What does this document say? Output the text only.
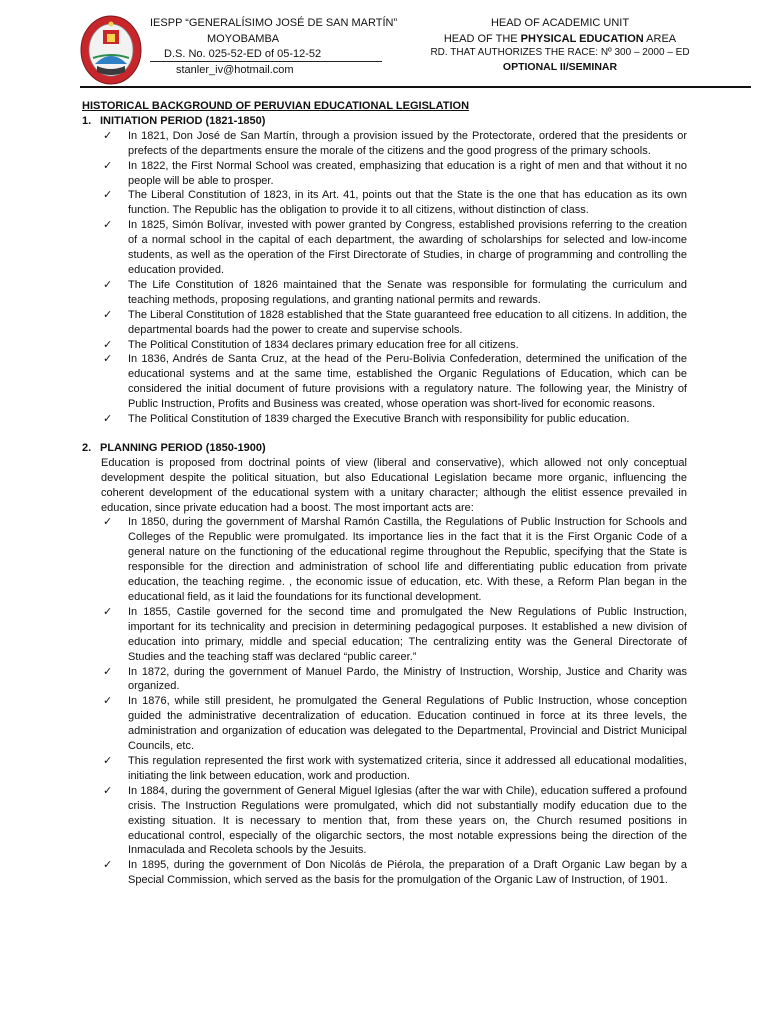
IESPP “GENERALÍSIMO JOSÉ DE SAN MARTÍN”
MOYOBAMBA
D.S. No. 025-52-ED of 05-12-52
stanler_iv@hotmail.com
HEAD OF ACADEMIC UNIT
HEAD OF THE PHYSICAL EDUCATION AREA
RD. THAT AUTHORIZES THE RACE: Nº 300 – 2000 – ED
OPTIONAL II/SEMINAR

HISTORICAL BACKGROUND OF PERUVIAN EDUCATIONAL LEGISLATION

1. INITIATION PERIOD (1821-1850)

✓ In 1821, Don José de San Martín, through a provision issued by the Protectorate, ordered that the presidents or prefects of the departments ensure the morale of the citizens and the good progress of the primary schools.
✓ In 1822, the First Normal School was created, emphasizing that education is a right of men and that without it no people will be able to prosper.
✓ The Liberal Constitution of 1823, in its Art. 41, points out that the State is the one that has education as its own function. The Republic has the obligation to provide it to all citizens, without distinction of class.
✓ In 1825, Simón Bolívar, invested with power granted by Congress, established provisions referring to the creation of a normal school in the capital of each department, the awarding of scholarships for selected and low-income students, as well as the operation of the First Directorate of Studies, in charge of programming and controlling the education provided.
✓ The Life Constitution of 1826 maintained that the Senate was responsible for formulating the curriculum and teaching methods, proposing regulations, and granting national permits and rewards.
✓ The Liberal Constitution of 1828 established that the State guaranteed free education to all citizens. In addition, the departmental boards had the power to create and supervise schools.
✓ The Political Constitution of 1834 declares primary education free for all citizens.
✓ In 1836, Andrés de Santa Cruz, at the head of the Peru-Bolivia Confederation, determined the unification of the educational systems and at the same time, established the Organic Regulations of Education, which can be considered the initial document of future provisions with a regulatory nature. The following year, the Ministry of Public Instruction, Profits and Business was created, whose operation was short-lived for economic reasons.
✓ The Political Constitution of 1839 charged the Executive Branch with responsibility for public education.

2. PLANNING PERIOD (1850-1900)

Education is proposed from doctrinal points of view (liberal and conservative), which allowed not only conceptual development despite the political situation, but also Educational Legislation became more organic, influencing the coherent development of the educational system with a unitary character; although the elitist essence prevailed in education, since private education had a boost. The most important acts are:

✓ In 1850, during the government of Marshal Ramón Castilla, the Regulations of Public Instruction for Schools and Colleges of the Republic were promulgated. Its importance lies in the fact that it is the First Organic Code of a general nature on the functioning of the educational regime throughout the Republic, specifying that the State is responsible for the direction and administration of school life and differentiating public education from private education, the teaching regime. , the economic issue of education, etc. With these, a Reform Plan began in the educational field, as it laid the foundations for its functional development.
✓ In 1855, Castile governed for the second time and promulgated the New Regulations of Public Instruction, important for its technicality and precision in determining pedagogical purposes. It established a new division of education into primary, middle and special education; The centralizing entity was the General Directorate of Studies and the teaching staff was declared “public career.”
✓ In 1872, during the government of Manuel Pardo, the Ministry of Instruction, Worship, Justice and Charity was organized.
✓ In 1876, while still president, he promulgated the General Regulations of Public Instruction, whose conception guided the administrative decentralization of education. Education continued in force at its three levels, the administration and organization of education was delegated to the Departmental, Provincial and District Municipal Councils, etc.
✓ This regulation represented the first work with systematized criteria, since it addressed all educational modalities, initiating the link between education, work and production.
✓ In 1884, during the government of General Miguel Iglesias (after the war with Chile), education suffered a profound crisis. The Instruction Regulations were promulgated, which did not substantially modify education due to the existing situation. It is necessary to mention that, from these years on, the Church resumed positions in educational control, especially of the oligarchic sectors, the most notable expressions being the direction of the Inmaculada and Recoleta schools by the Jesuits.
✓ In 1895, during the government of Don Nicolás de Piérola, the preparation of a Draft Organic Law began by a Special Commission, which served as the basis for the promulgation of the Organic Law of Instruction, of 1901.
